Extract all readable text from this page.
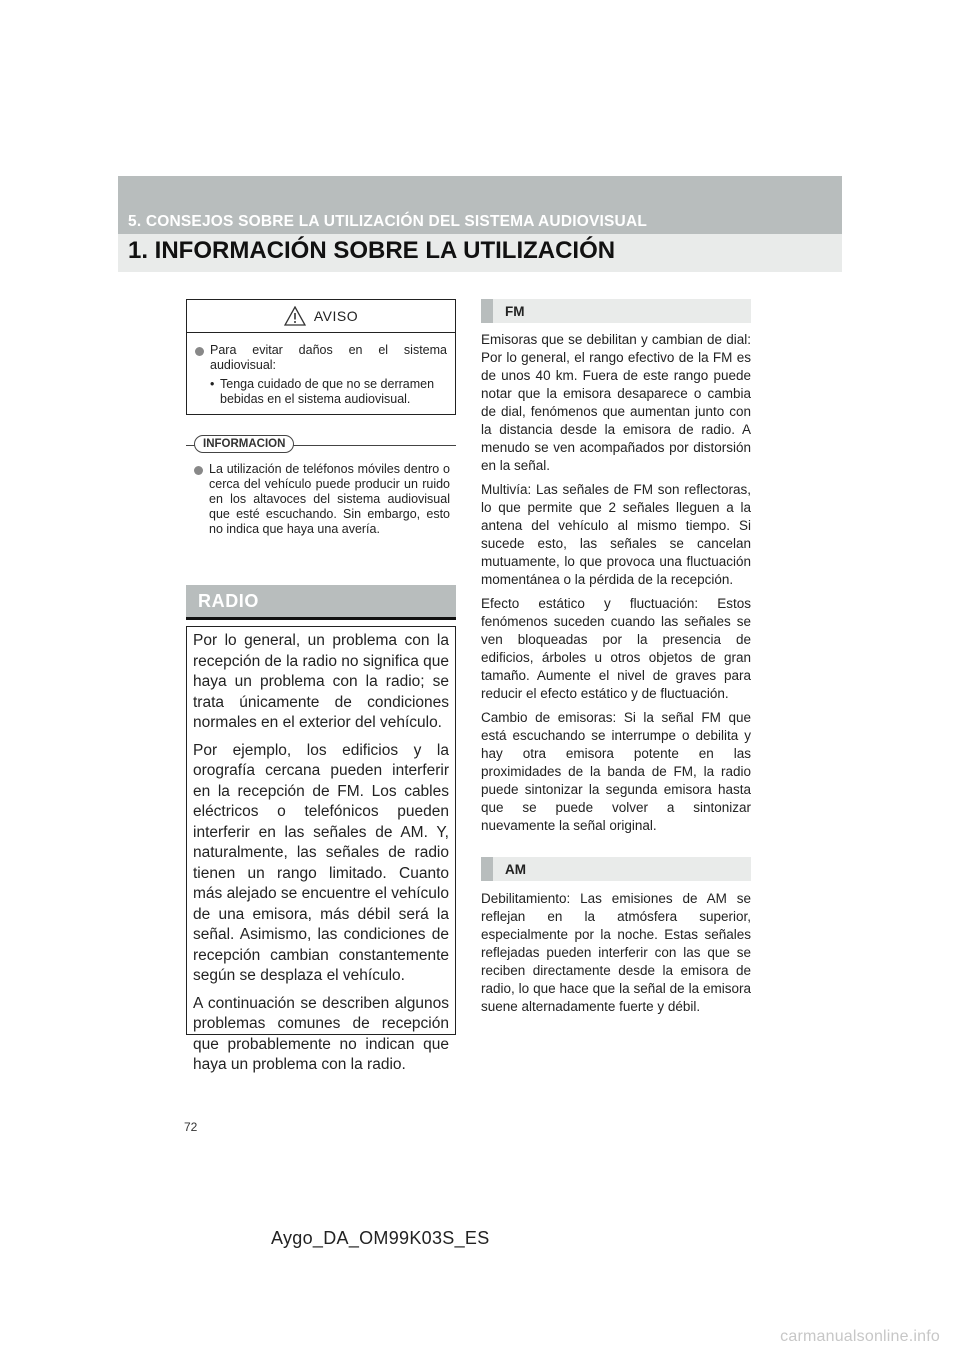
5. CONSEJOS SOBRE LA UTILIZACIÓN DEL SISTEMA AUDIOVISUAL
1. INFORMACIÓN SOBRE LA UTILIZACIÓN
AVISO
Para evitar daños en el sistema audiovisual:
• Tenga cuidado de que no se derramen bebidas en el sistema audiovisual.
INFORMACION
La utilización de teléfonos móviles dentro o cerca del vehículo puede producir un ruido en los altavoces del sistema audiovisual que esté escuchando. Sin embargo, esto no indica que haya una avería.
RADIO

Por lo general, un problema con la recepción de la radio no significa que haya un problema con la radio; se trata únicamente de condiciones normales en el exterior del vehículo.

Por ejemplo, los edificios y la orografía cercana pueden interferir en la recepción de FM. Los cables eléctricos o telefónicos pueden interferir en las señales de AM. Y, naturalmente, las señales de radio tienen un rango limitado. Cuanto más alejado se encuentre el vehículo de una emisora, más débil será la señal. Asimismo, las condiciones de recepción cambian constantemente según se desplaza el vehículo.

A continuación se describen algunos problemas comunes de recepción que probablemente no indican que haya un problema con la radio.

FM

Emisoras que se debilitan y cambian de dial: Por lo general, el rango efectivo de la FM es de unos 40 km. Fuera de este rango puede notar que la emisora desaparece o cambia de dial, fenómenos que aumentan junto con la distancia desde la emisora de radio. A menudo se ven acompañados por distorsión en la señal.

Multivía: Las señales de FM son reflectoras, lo que permite que 2 señales lleguen a la antena del vehículo al mismo tiempo. Si sucede esto, las señales se cancelan mutuamente, lo que provoca una fluctuación momentánea o la pérdida de la recepción.

Efecto estático y fluctuación: Estos fenómenos suceden cuando las señales se ven bloqueadas por la presencia de edificios, árboles u otros objetos de gran tamaño. Aumente el nivel de graves para reducir el efecto estático y de fluctuación.

Cambio de emisoras: Si la señal FM que está escuchando se interrumpe o debilita y hay otra emisora potente en las proximidades de la banda de FM, la radio puede sintonizar la segunda emisora hasta que se puede volver a sintonizar nuevamente la señal original.

AM

Debilitamiento: Las emisiones de AM se reflejan en la atmósfera superior, especialmente por la noche. Estas señales reflejadas pueden interferir con las que se reciben directamente desde la emisora de radio, lo que hace que la señal de la emisora suene alternadamente fuerte y débil.

72
Aygo_DA_OM99K03S_ES
carmanualsonline.info
